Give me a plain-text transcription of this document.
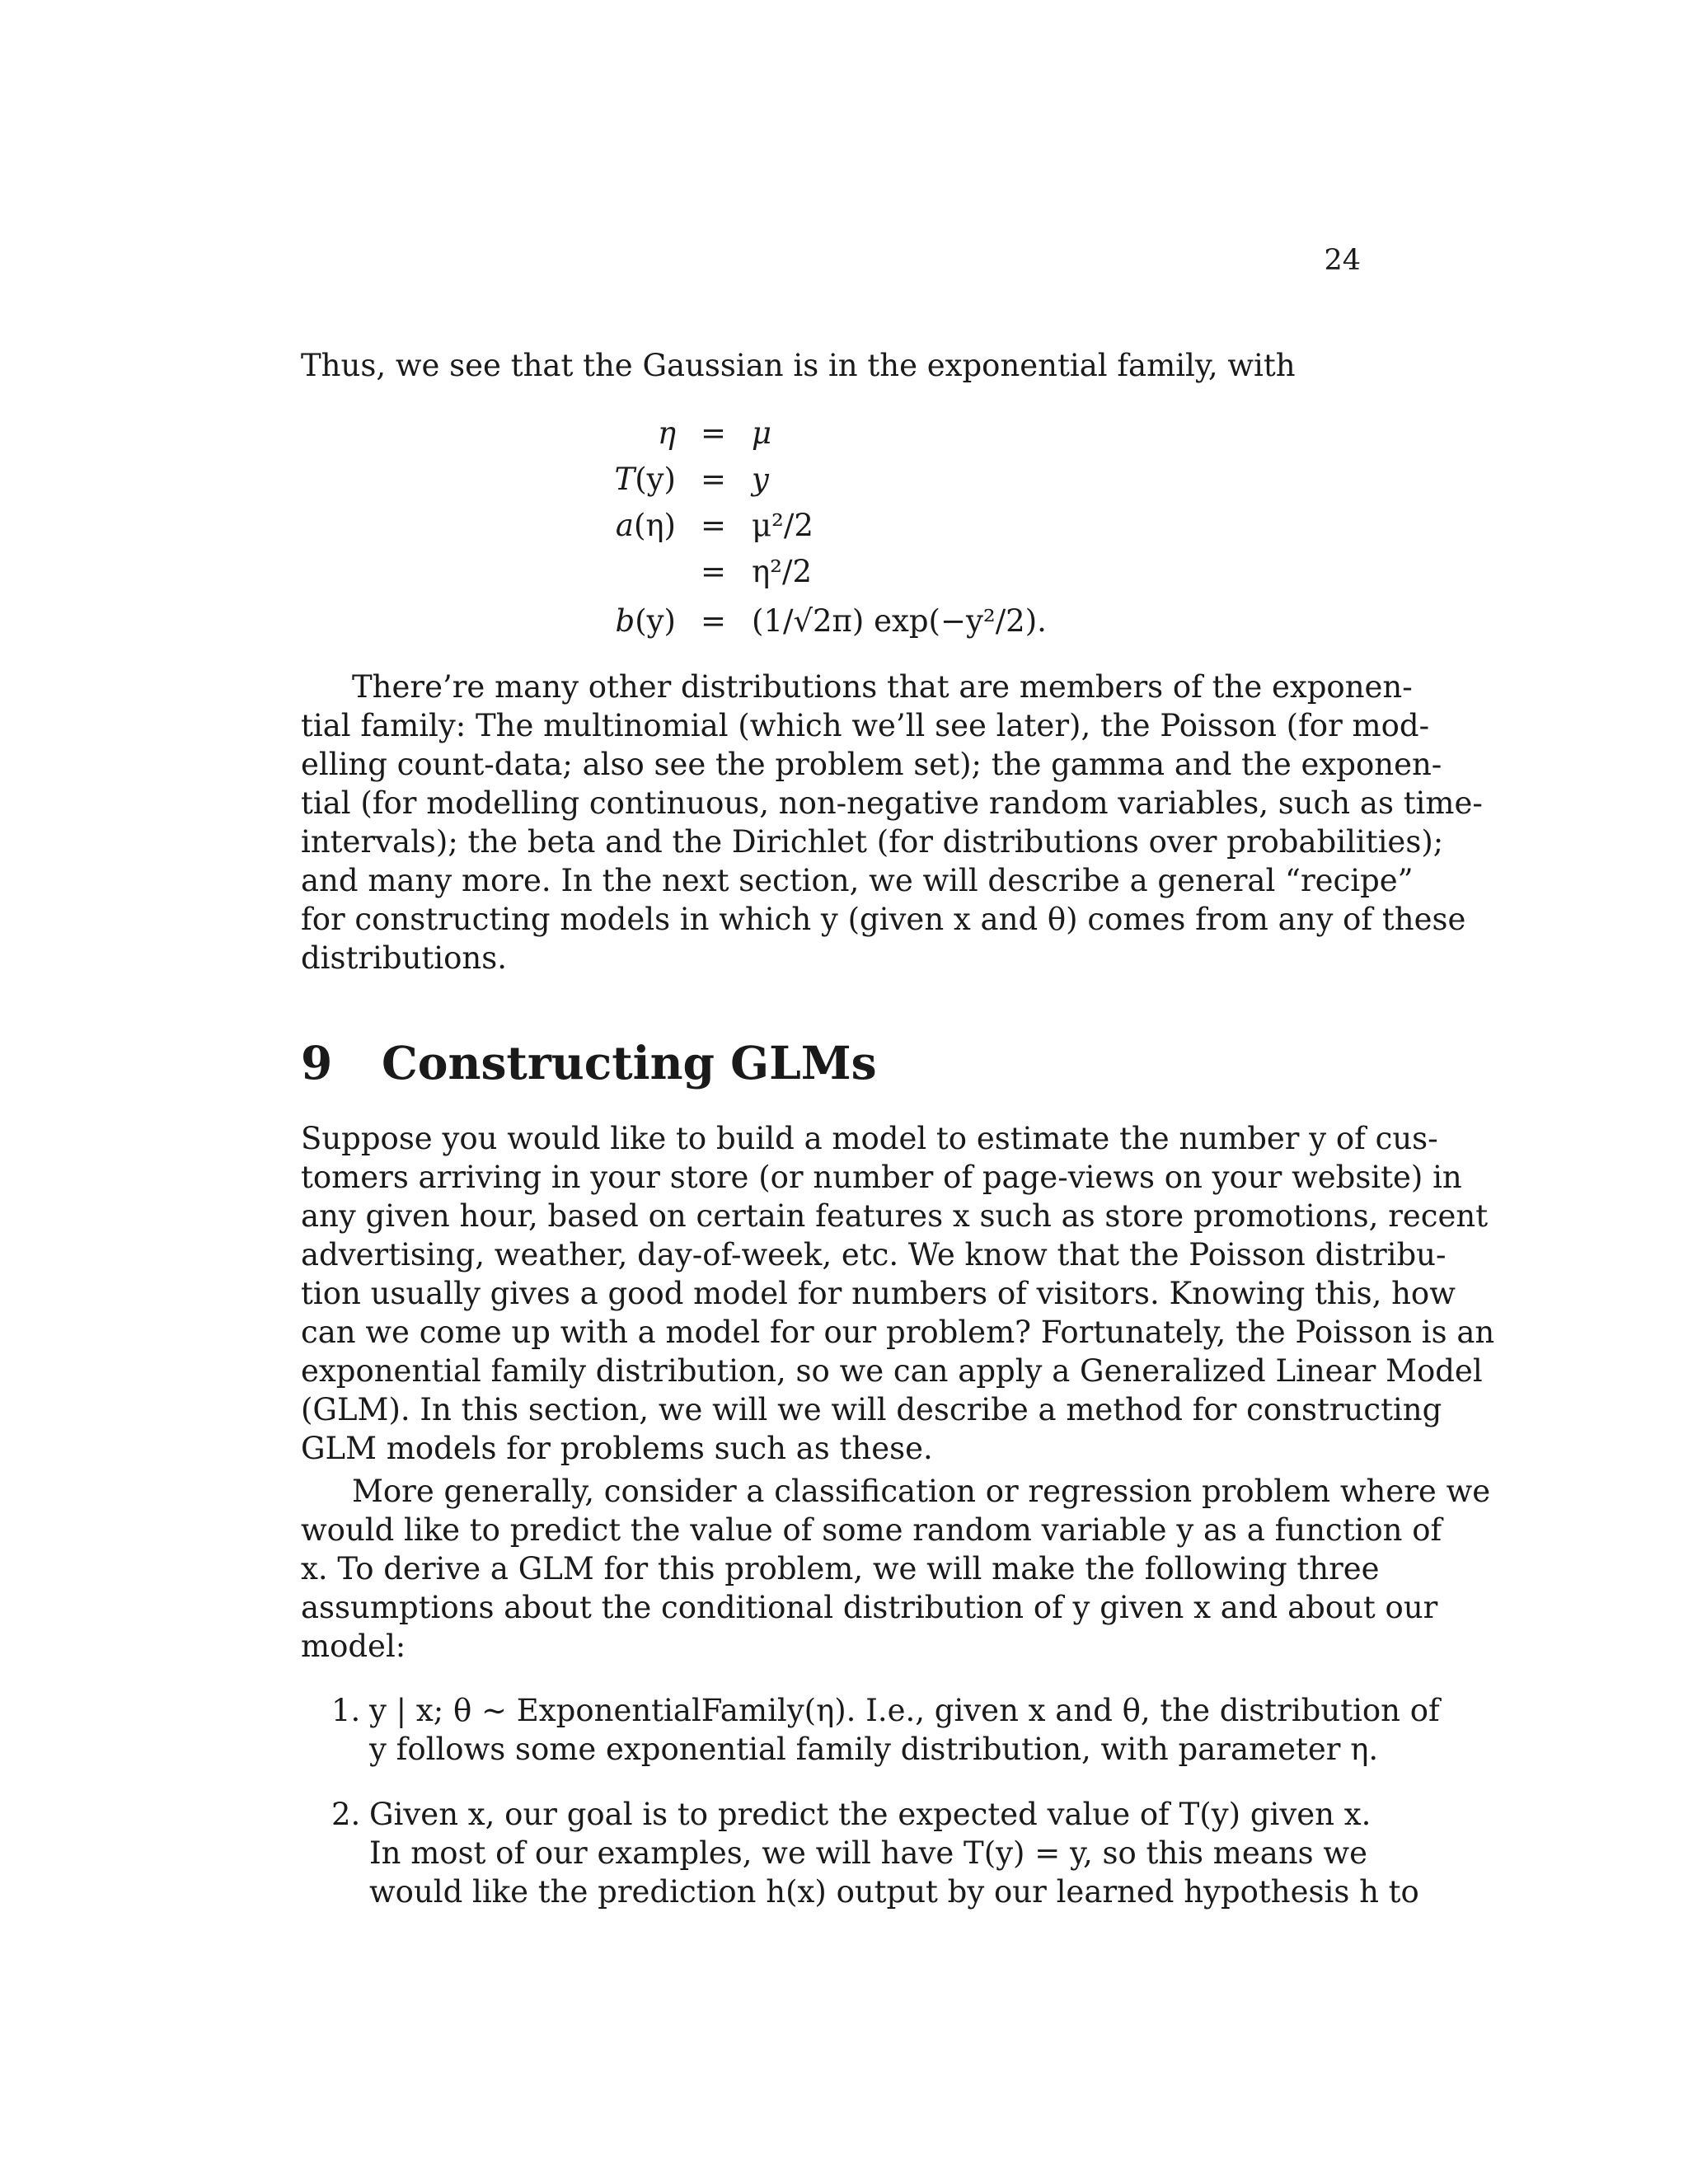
24
Thus, we see that the Gaussian is in the exponential family, with
η = μ
T(y) = y
a(η) = μ²/2
= η²/2
b(y) = (1/√2π) exp(−y²/2).
There’re many other distributions that are members of the exponen-
tial family: The multinomial (which we’ll see later), the Poisson (for mod-
elling count-data; also see the problem set); the gamma and the exponen-
tial (for modelling continuous, non-negative random variables, such as time-
intervals); the beta and the Dirichlet (for distributions over probabilities);
and many more. In the next section, we will describe a general “recipe”
for constructing models in which y (given x and θ) comes from any of these
distributions.
9 Constructing GLMs
Suppose you would like to build a model to estimate the number y of cus-
tomers arriving in your store (or number of page-views on your website) in
any given hour, based on certain features x such as store promotions, recent
advertising, weather, day-of-week, etc. We know that the Poisson distribu-
tion usually gives a good model for numbers of visitors. Knowing this, how
can we come up with a model for our problem? Fortunately, the Poisson is an
exponential family distribution, so we can apply a Generalized Linear Model
(GLM). In this section, we will we will describe a method for constructing
GLM models for problems such as these.
More generally, consider a classification or regression problem where we
would like to predict the value of some random variable y as a function of
x. To derive a GLM for this problem, we will make the following three
assumptions about the conditional distribution of y given x and about our
model:
1. y | x; θ ∼ ExponentialFamily(η). I.e., given x and θ, the distribution of
y follows some exponential family distribution, with parameter η.
2. Given x, our goal is to predict the expected value of T(y) given x.
In most of our examples, we will have T(y) = y, so this means we
would like the prediction h(x) output by our learned hypothesis h to
